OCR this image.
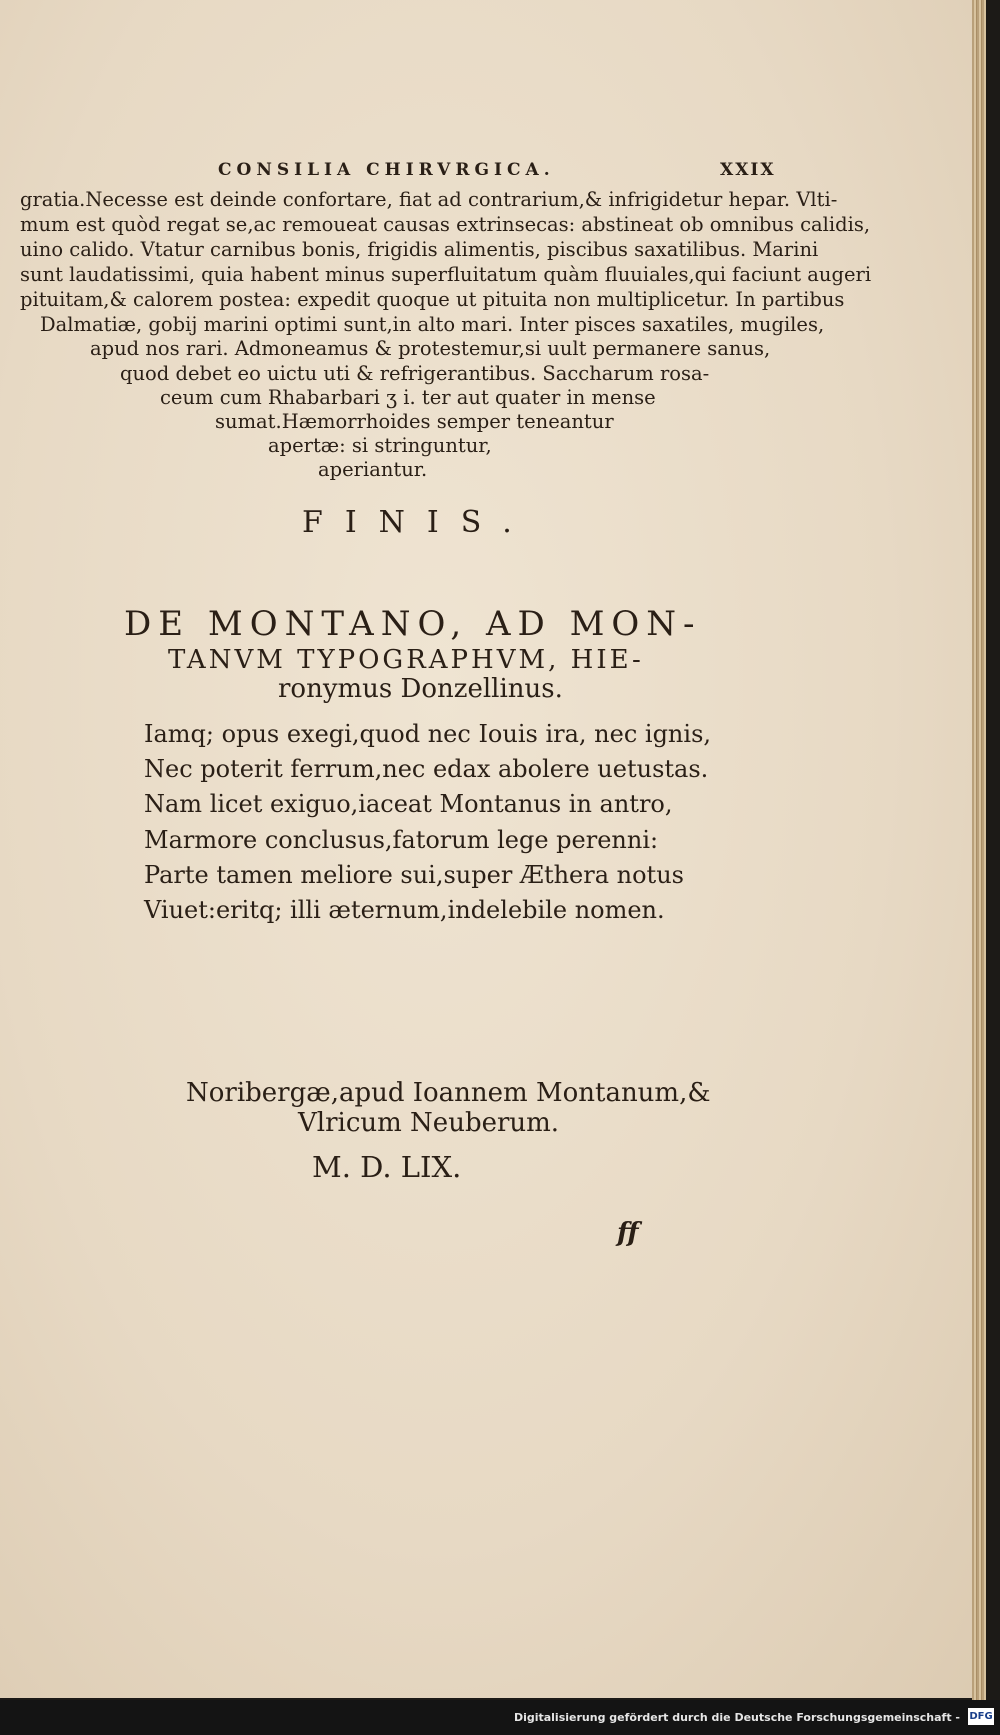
CONSILIA CHIRVRGICA.	XXIX
gratia.Necesse est deinde confortare, fiat ad contrarium,& infrigidetur hepar. Vlti-
mum est quòd regat se,ac remoueat causas extrinsecas: abstineat ob omnibus calidis,
uino calido. Vtatur carnibus bonis, frigidis alimentis, piscibus saxatilibus. Marini
sunt laudatissimi, quia habent minus superfluitatum quàm fluuiales,qui faciunt augeri
pituitam,& calorem postea: expedit quoque ut pituita non multiplicetur. In partibus
Dalmatiæ, gobij marini optimi sunt,in alto mari. Inter pisces saxatiles, mugiles,
apud nos rari. Admoneamus & protestemur,si uult permanere sanus,
quod debet eo uictu uti & refrigerantibus. Saccharum rosa-
ceum cum Rhabarbari ʒ i. ter aut quater in mense
sumat.Hæmorrhoides semper teneantur
apertæ: si stringuntur,
aperiantur.
FINIS.
DE MONTANO, AD MON-
TANVM TYPOGRAPHVM, HIE-
ronymus Donzellinus.
Iamq; opus exegi,quod nec Iouis ira, nec ignis,
Nec poterit ferrum,nec edax abolere uetustas.
Nam licet exiguo,iaceat Montanus in antro,
Marmore conclusus,fatorum lege perenni:
Parte tamen meliore sui,super Æthera notus
Viuet:eritq; illi æternum,indelebile nomen.
Noribergæ,apud Ioannem Montanum,&
Vlricum Neuberum.
M. D. LIX.
ff
Digitalisierung gefördert durch die Deutsche Forschungsgemeinschaft - DFG
